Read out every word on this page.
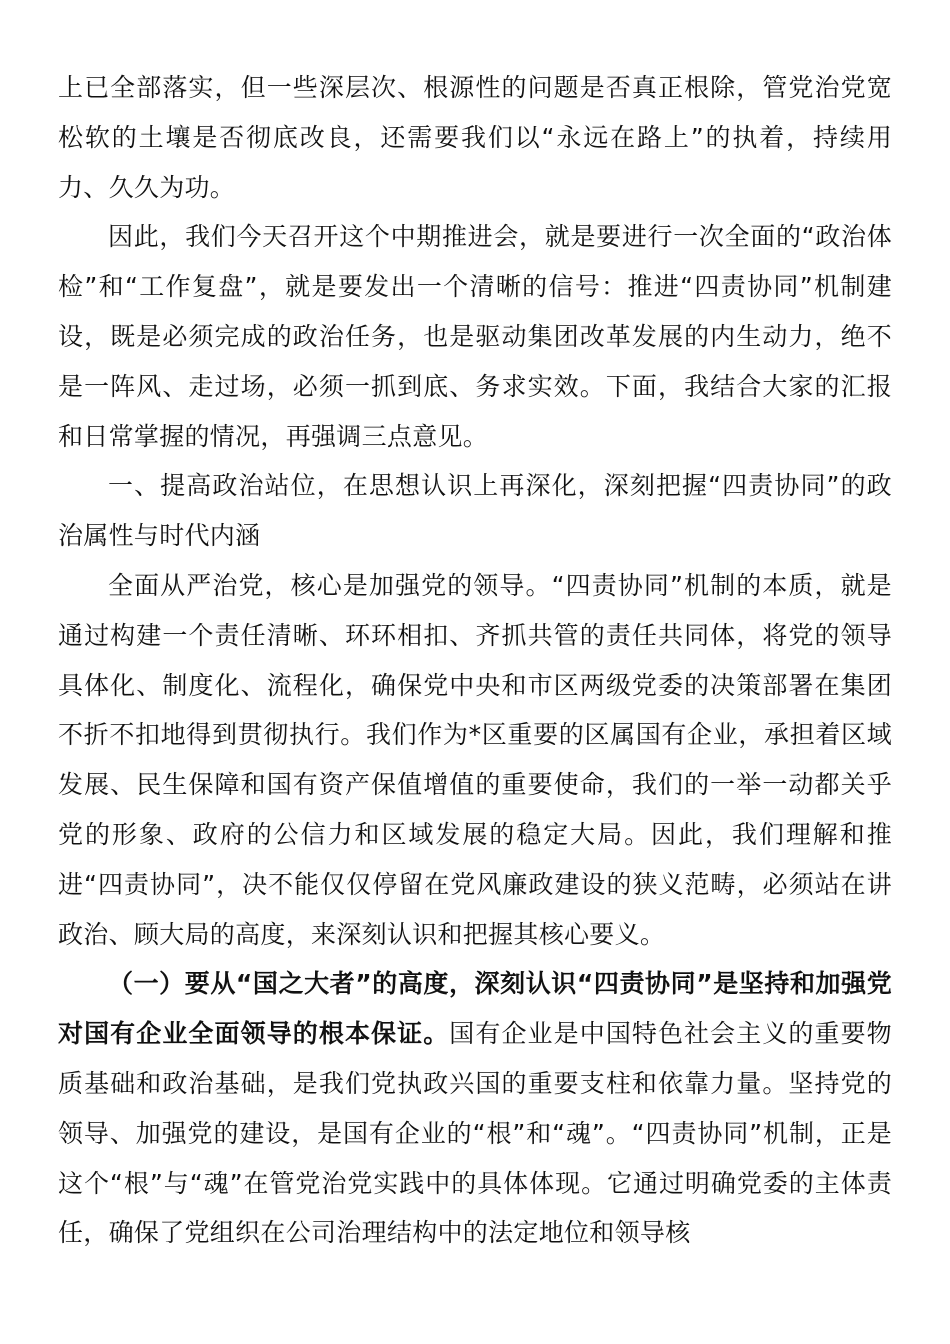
上已全部落实，但一些深层次、根源性的问题是否真正根除，管党治党宽松软的土壤是否彻底改良，还需要我们以“永远在路上”的执着，持续用力、久久为功。

因此，我们今天召开这个中期推进会，就是要进行一次全面的“政治体检”和“工作复盘”，就是要发出一个清晰的信号：推进“四责协同”机制建设，既是必须完成的政治任务，也是驱动集团改革发展的内生动力，绝不是一阵风、走过场，必须一抓到底、务求实效。下面，我结合大家的汇报和日常掌握的情况，再强调三点意见。

一、提高政治站位，在思想认识上再深化，深刻把握“四责协同”的政治属性与时代内涵

全面从严治党，核心是加强党的领导。“四责协同”机制的本质，就是通过构建一个责任清晰、环环相扣、齐抓共管的责任共同体，将党的领导具体化、制度化、流程化，确保党中央和市区两级党委的决策部署在集团不折不扣地得到贯彻执行。我们作为*区重要的区属国有企业，承担着区域发展、民生保障和国有资产保值增值的重要使命，我们的一举一动都关乎党的形象、政府的公信力和区域发展的稳定大局。因此，我们理解和推进“四责协同”，决不能仅仅停留在党风廉政建设的狭义范畴，必须站在讲政治、顾大局的高度，来深刻认识和把握其核心要义。

（一）要从“国之大者”的高度，深刻认识“四责协同”是坚持和加强党对国有企业全面领导的根本保证。国有企业是中国特色社会主义的重要物质基础和政治基础，是我们党执政兴国的重要支柱和依靠力量。坚持党的领导、加强党的建设，是国有企业的“根”和“魂”。“四责协同”机制，正是这个“根”与“魂”在管党治党实践中的具体体现。它通过明确党委的主体责任，确保了党组织在公司治理结构中的法定地位和领导核
